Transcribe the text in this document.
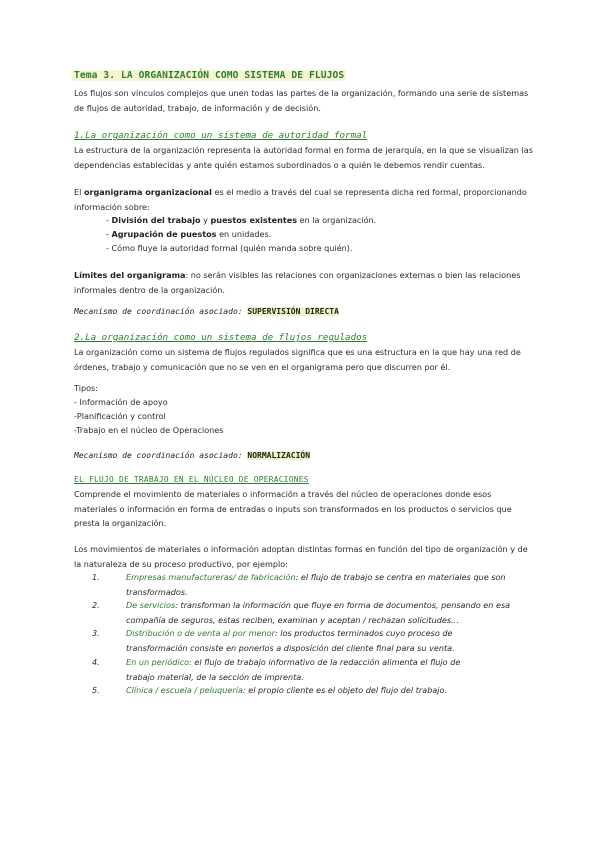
Tema 3. LA ORGANIZACIÓN COMO SISTEMA DE FLUJOS
Los flujos son vínculos complejos que unen todas las partes de la organización, formando una serie de sistemas de flujos de autoridad, trabajo, de información y de decisión.
1.La organización como un sistema de autoridad formal
La estructura de la organización representa la autoridad formal en forma de jerarquía, en la que se visualizan las dependencias establecidas y ante quién estamos subordinados o a quién le debemos rendir cuentas.
El organigrama organizacional es el medio a través del cual se representa dicha red formal, proporcionando información sobre:
- División del trabajo y puestos existentes en la organización.
- Agrupación de puestos en unidades.
- Cómo fluye la autoridad formal (quién manda sobre quién).
Límites del organigrama: no serán visibles las relaciones con organizaciones externas o bien las relaciones informales dentro de la organización.
Mecanismo de coordinación asociado: SUPERVISIÓN DIRECTA
2.La organización como un sistema de flujos regulados
La organización como un sistema de flujos regulados significa que es una estructura en la que hay una red de órdenes, trabajo y comunicación que no se ven en el organigrama pero que discurren por él.
Tipos:
- Información de apoyo
-Planificación y control
-Trabajo en el núcleo de Operaciones
Mecanismo de coordinación asociado: NORMALIZACIÓN
EL FLUJO DE TRABAJO EN EL NÚCLEO DE OPERACIONES
Comprende el movimiento de materiales o información a través del núcleo de operaciones donde esos materiales o información en forma de entradas o inputs son transformados en los productos o servicios que presta la organización.
Los movimientos de materiales o información adoptan distintas formas en función del tipo de organización y de la naturaleza de su proceso productivo, por ejemplo:
1.	Empresas manufactureras/ de fabricación: el flujo de trabajo se centra en materiales que son
transformados.
2.	De servicios: transforman la información que fluye en forma de documentos, pensando en esa
compañía de seguros, estas reciben, examinan y aceptan / rechazan solicitudes…
3.	Distribución o de venta al por menor: los productos terminados cuyo proceso de
transformación consiste en ponerlos a disposición del cliente final para su venta.
4.	En un periódico: el flujo de trabajo informativo de la redacción alimenta el flujo de
trabajo material, de la sección de imprenta.
5.	Clínica / escuela / peluquería: el propio cliente es el objeto del flujo del trabajo.
